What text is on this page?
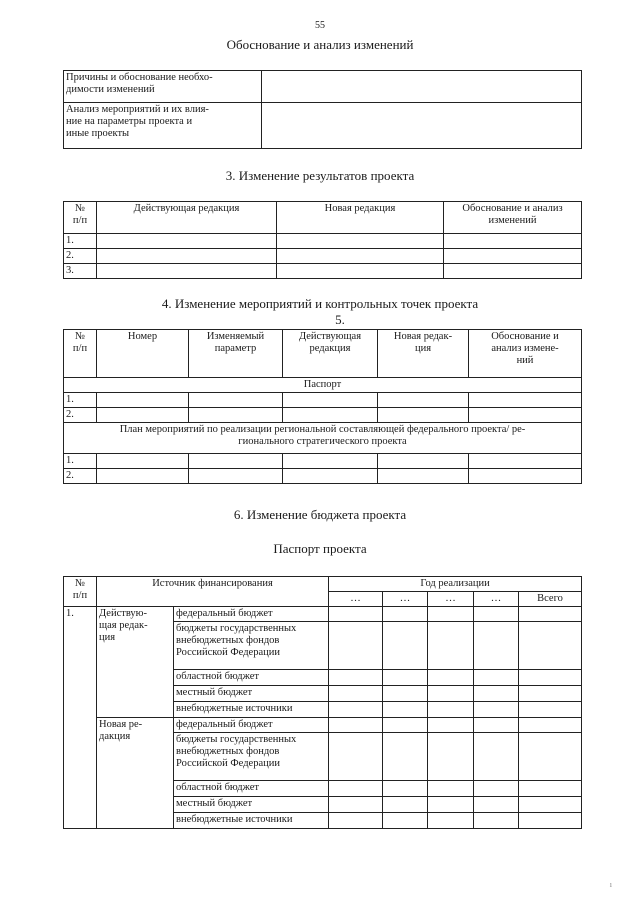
55
Обоснование и анализ изменений
Причины и обоснование необхо-
димости изменений	
Анализ мероприятий и их влия-
ние на параметры проекта и
иные проекты	
3. Изменение результатов проекта
№
п/п	Действующая редакция	Новая редакция	Обоснование и анализ
изменений
1.			
2.			
3.			
4. Изменение мероприятий и контрольных точек проекта
5.
№
п/п	Номер	Изменяемый
параметр	Действующая
редакция	Новая редак-
ция	Обоснование и
анализ измене-
ний
Паспорт					
1.					
2.					
План мероприятий по реализации региональной составляющей федерального проекта/ ре-
гионального стратегического проекта					
1.					
2.					
6. Изменение бюджета проекта
Паспорт проекта
№
п/п	Источник финансирования		Год реализации				
			…	…	…	…	Всего
1.	Действую-
щая редак-
ция	федеральный бюджет					
		бюджеты государственных
внебюджетных фондов
Российской Федерации					
		областной бюджет					
		местный бюджет					
		внебюджетные источники					
	Новая ре-
дакция	федеральный бюджет					
		бюджеты государственных
внебюджетных фондов
Российской Федерации					
		областной бюджет					
		местный бюджет					
		внебюджетные источники					
ı
